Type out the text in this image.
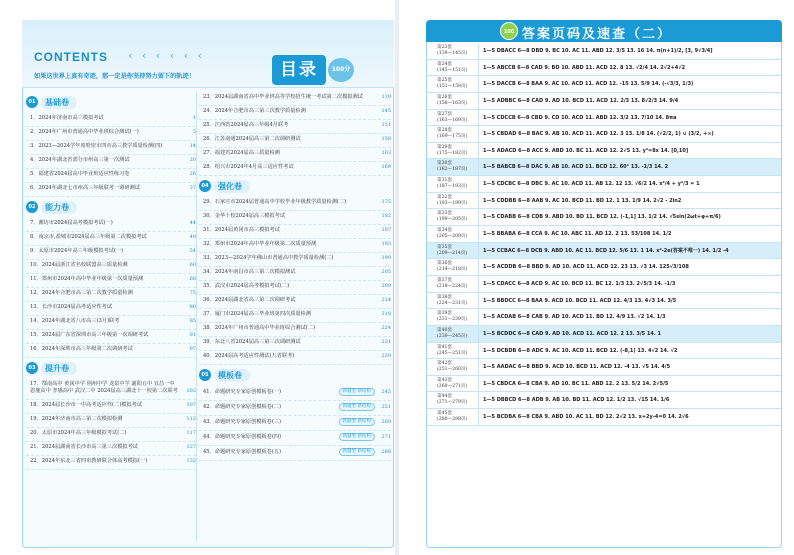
CONTENTS ‹ ‹ ‹ ‹ ‹ ‹
如果这世界上真有奇迹，那一定是你坚持努力留下的轨迹！	目录	100分
01	基础卷
1．2024年济南市高三模拟考试	1
2．2024年广州市普通高中毕业班综合测试(一)	5
3．2023—2024学年度哈密市四市高三教学质量检测(四)	14
4．2024年湖北省部分市州高三第一次测试	20
5．福建省2024届高中毕业班适应性练习卷	26
6．2024年湖北七市州高三年级联考一调研测试	37
02	能力卷
7．潍坊市2024届高考模拟考试(一)	44
8．南京市,盐城市2024届高三年级第二次模拟考试	49
9．太原市2024年高三年级模拟考试(一)	54
10．2024届浙江省名校联盟高三质量检测	60
11．郑州市2024年高中毕业年级第一次质量预测	68
12．2024年合肥市高三第二次教学质量检测	75
13．长沙市2024届高考适应性考试	80
14．2024年湖北省八市高三(3月)联考	85
15．2024届广东省深圳市高三年级第一次调研考试	91
16．2024年深圳市高三年级第二次调研考试	97
03	提升卷
17．鄂南高中 黄冈中学 荆州中学 龙泉中学 襄阳五中 宜昌一中 恩施高中 孝感高中 武汉二中 2024届高三湖北十一校第二次联考	102
18．2024届长沙市一中高考适应性(二)模拟考试	107
19．2024年济南市高三第二次模拟检测	112
20．太原市2024年高三年级模拟考试(二)	117
21．2024届湖南省长沙市高三第三次模拟考试	127
22．2024年东北三省四市教研联合体高考模拟(一)	132
23．2024届湖南省高中毕业班高等学校招生统一考试第二次模拟测试	139
24．2024年合肥市高三第三次教学质量检测	145
25．江西省2024届高三年级4月联考	151
26．江苏南通2024届高三第二次调研测试	158
27．福建省2024届高三质量检测	163
28．绍兴市2024年4月高三适应性考试	169
04	强化卷
29．石家庄市2024届普通高中学校毕业年级教学质量检测(二)	175
30．金华十校2024届高三模拟考试	182
31．2024届黄冈市高三模拟考试	187
32．郑州市2024年高中毕业年级第二次质量预测	193
33．2023—2024学年佛山市普通高中教学质量检测(二)	199
34．2024年南昌市高三第二次模拟测试	205
35．武汉市2024届高考模拟考试(二)	209
36．2024届湖北省高三第二次调研考试	214
37．厦门市2024届高三毕业班第四次质量检测	218
38．2024年广州市普通高中毕业班综合测试(二)	224
39．东北八省2024届高三第三次调研测试	231
40．2024届高考适应性测试(九省联考)	239
05	模板卷
41．命题研究专家原创模板卷(一)	新题型 新结构	245
42．命题研究专家原创模板卷(二)	新题型 新结构	251
43．命题研究专家原创模板卷(三)	新题型 新结构	260
44．命题研究专家原创模板卷(四)	新题型 新结构	271
45．命题研究专家原创模板卷(五)	新题型 新结构	280
100 答案页码及速查（二）
第23套
(139—145页)	1—5 DBACC 6—8 DBD 9. BC 10. AC 11. ABD 12. 3/5 13. 16 14. π(n+1)/2, [3, 9√3/4]
第24套
(145—151页)	1—5 ABCCB 6—8 CAD 9. BD 10. ABD 11. ACD 12. 8 13. √2/4 14. 2√2+4√2
第25套
(151—158页)	1—5 DACCB 6—8 BAA 9. AC 10. ACD 11. ACD 12. -15 13. 5/9 14. (-√3/3, 1/3)
第26套
(158—163页)	1—5 ADBBC 6—8 CAD 9. AD 10. BCD 11. ACD 12. 2/3 13. 8√2/3 14. 9/4
第27套
(163—169页)	1—5 CDCCB 6—8 CBD 9. CD 10. ACD 11. ABD 12. 3/2 13. 7/10 14. 8πa
第28套
(169—175页)	1—5 CBDAD 6—8 BAC 9. AB 10. ACD 11. ACD 12. 3 13. 1/8 14. (√2/2, 1) ∪ (3/2, +∞)
第29套
(175—182页)	1—5 ADACD 6—8 ACC 9. ABD 10. BC 11. ACD 12. 2√5 13. y²=8x 14. [0,10]
第30套
(182—187页)	1—5 BABCB 6—8 DAC 9. AB 10. ACD 11. BCD 12. 60° 13. -1/3 14. 2
第31套
(187—193页)	1—5 CDCBC 6—8 DBC 9. AC 10. ACD 11. AB 12. 12 13. √6/2 14. x²/4 + y²/3 = 1
第32套
(193—199页)	1—5 CDDBB 6—8 AAB 9. AC 10. BCD 11. BD 12. 1 13. 1/9 14. 2√2 - 2ln2
第33套
(199—205页)	1—5 CDABB 6—8 CDB 9. ABD 10. BD 11. BCD 12. (-1,1] 13. 1/2 14. √5sin(2ωt+φ+π/6)
第34套
(205—209页)	1—5 BBABA 6—8 CCA 9. AC 10. ABC 11. AD 12. 2 13. 53/108 14. 1/2
第35套
(209—214页)	1—5 CCBAC 6—8 DCB 9. ABD 10. AC 11. BCD 12. 5/6 13. 1 14. x²-2e(答案不唯一) 14. 1/2 -4
第36套
(214—218页)	1—5 ACDDB 6—8 BBD 9. AD 10. ACD 11. ACD 12. 23 13. √3 14. 125√3/108
第37套
(218—224页)	1—5 CDACC 6—8 ACD 9. AC 10. BCD 11. BC 12. 1/3 13. 2√5/3 14. -1/3
第38套
(224—231页)	1—5 BBDCC 6—8 BAA 9. ACD 10. BCD 11. ACD 12. 4/3 13. 4√3 14. 3/5
第39套
(231—239页)	1—5 ACDAB 6—8 CAB 9. AD 10. ACD 11. BD 12. 4/9 13. √2 14. 1/3
第40套
(239—245页)	1—5 BCDDC 6—8 CAD 9. AD 10. ACD 11. ACD 12. 2 13. 3/5 14. 1
第41套
(245—251页)	1—5 DCBDB 6—8 ADC 9. AC 10. ACD 11. BCD 12. (-8,1) 13. 4√2 14. √2
第42套
(251—260页)	1—5 AADAC 6—8 BBD 9. ACD 10. BCD 11. ACD 12. -4 13. √5 14. 4/5
第43套
(260—271页)	1—5 CBDCA 6—8 CBA 9. AD 10. BC 11. ABD 12. 2 13. 5/2 14. 2√5/5
第44套
(271—279页)	1—5 DBBCD 6—8 ADB 9. AB 10. BD 11. ACD 12. 1/2 13. √15 14. 1/6
第45套
(280—288页)	1—5 BCDBA 6—8 CBA 9. ABD 10. AC 11. BD 12. 2√2 13. x+2y-4=0 14. 2√6
